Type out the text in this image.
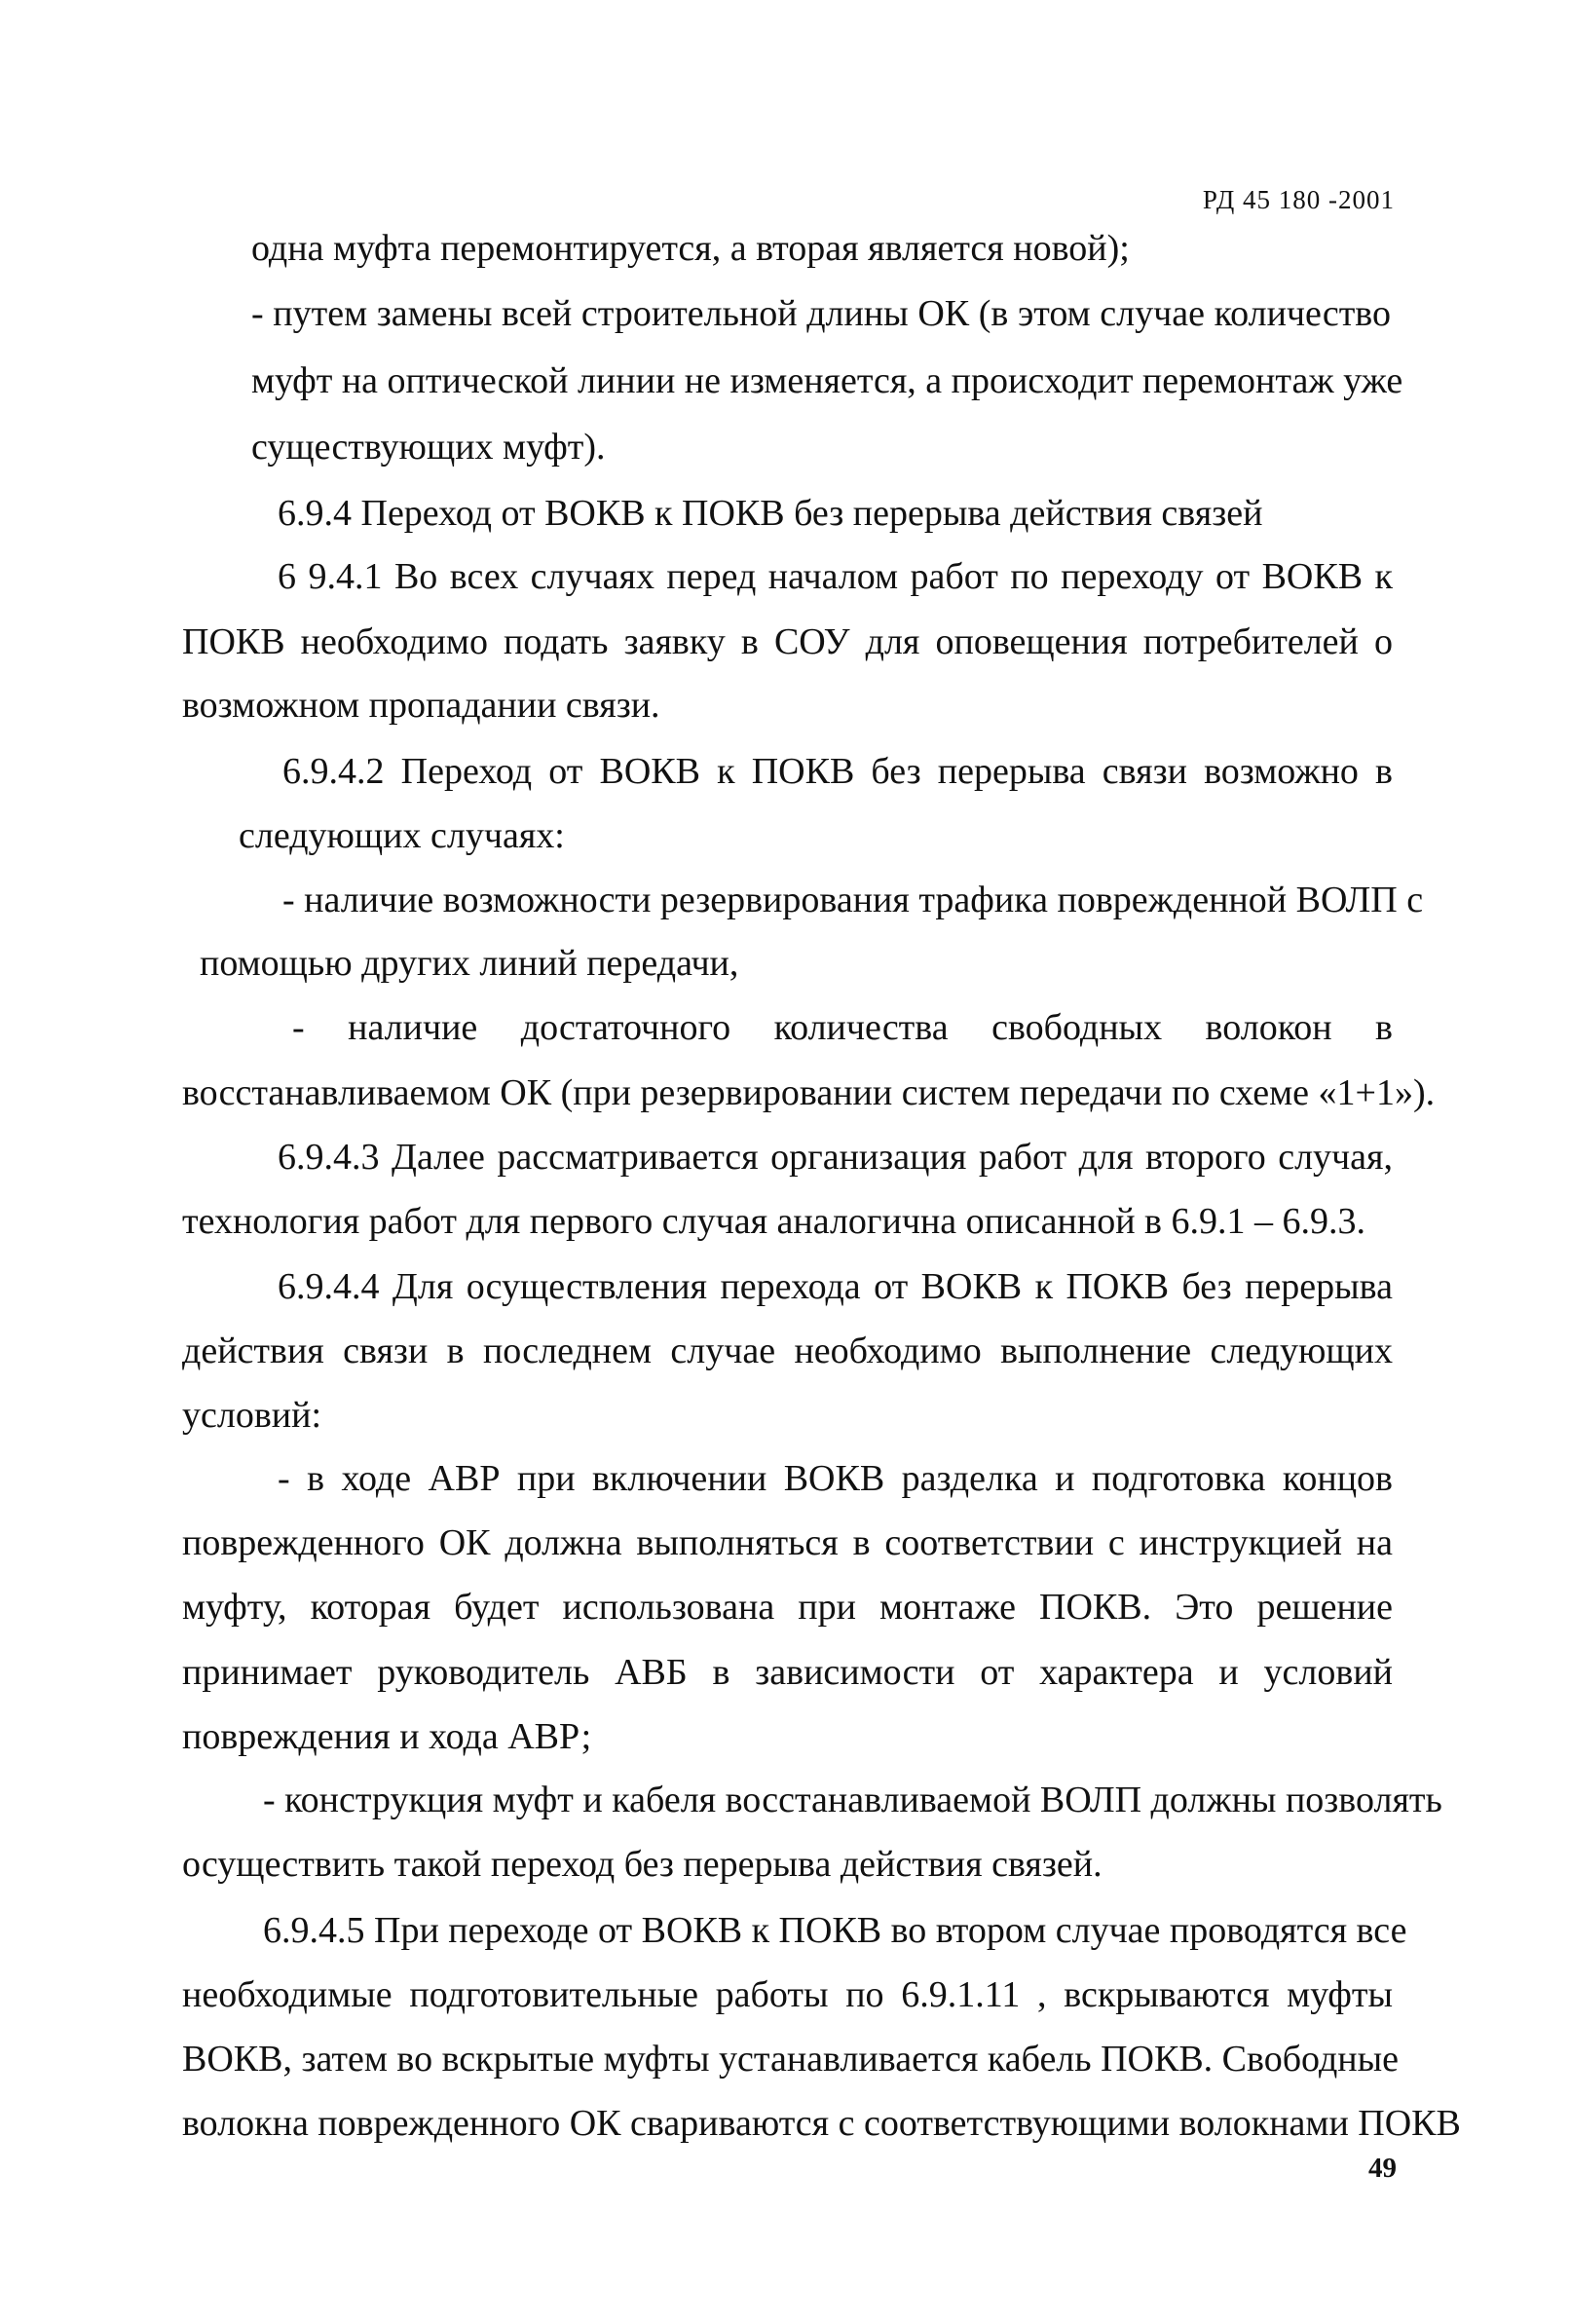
РД 45 180 -2001
одна муфта перемонтируется, а вторая является новой);
- путем замены всей строительной длины ОК (в этом случае количество
муфт на оптической линии не изменяется, а происходит перемонтаж уже
существующих муфт).
6.9.4 Переход от ВОКВ к ПОКВ без перерыва действия связей
6 9.4.1 Во всех случаях перед началом работ по переходу от ВОКВ к
ПОКВ необходимо подать заявку в СОУ для оповещения потребителей о
возможном пропадании связи.
6.9.4.2 Переход от ВОКВ к ПОКВ без перерыва связи возможно в
следующих случаях:
- наличие возможности резервирования трафика поврежденной ВОЛП с
помощью других линий передачи,
- наличие достаточного количества свободных волокон в
восстанавливаемом ОК (при резервировании систем передачи по схеме «1+1»).
6.9.4.3 Далее рассматривается организация работ для второго случая,
технология работ для первого случая аналогична описанной в 6.9.1 – 6.9.3.
6.9.4.4 Для осуществления перехода от ВОКВ к ПОКВ без перерыва
действия связи в последнем случае необходимо выполнение следующих
условий:
- в ходе АВР при включении ВОКВ разделка и подготовка концов
поврежденного ОК должна выполняться в соответствии с инструкцией на
муфту, которая будет использована при монтаже ПОКВ. Это решение
принимает руководитель АВБ в зависимости от характера и условий
повреждения и хода АВР;
- конструкция муфт и кабеля восстанавливаемой ВОЛП должны позволять
осуществить такой переход без перерыва действия связей.
6.9.4.5 При переходе от ВОКВ к ПОКВ во втором случае проводятся все
необходимые подготовительные работы по 6.9.1.11 , вскрываются муфты
ВОКВ, затем во вскрытые муфты устанавливается кабель ПОКВ. Свободные
волокна поврежденного ОК свариваются с соответствующими волокнами ПОКВ
49
